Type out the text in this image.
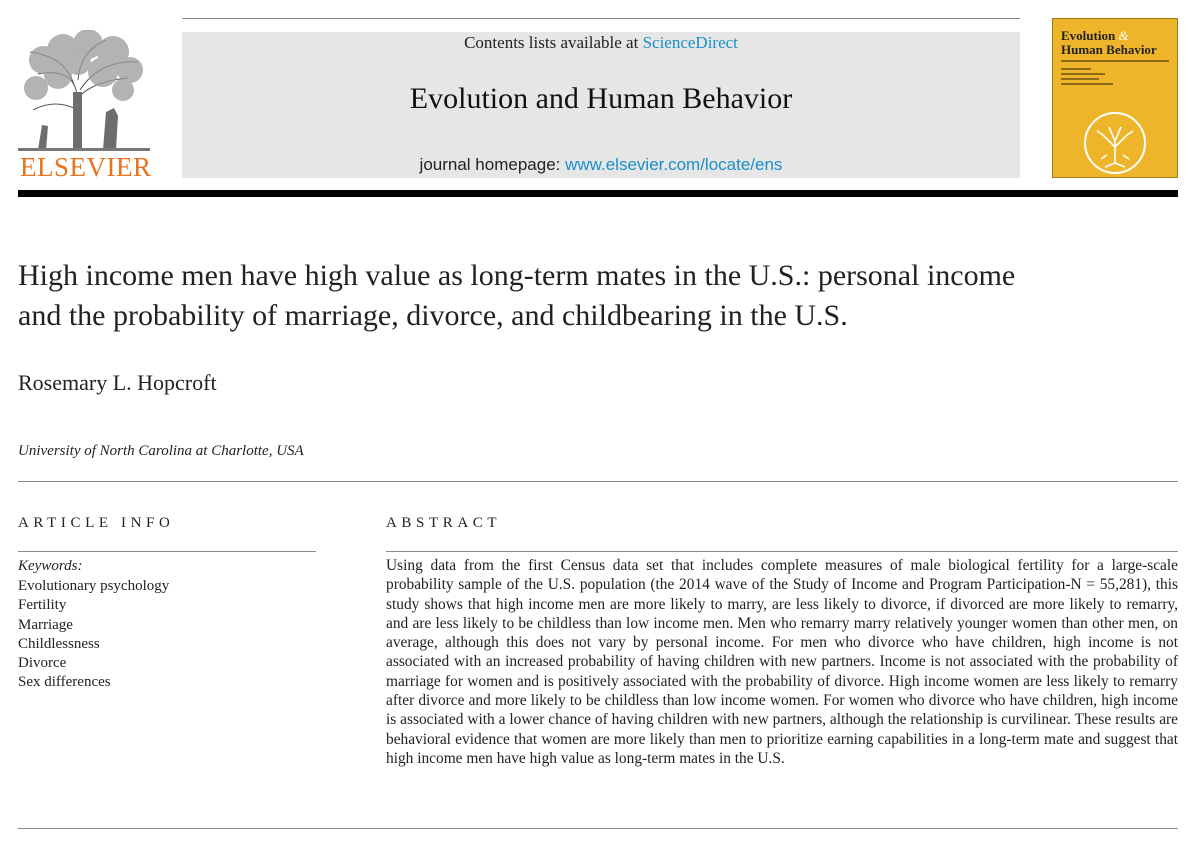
ELSEVIER
Contents lists available at ScienceDirect
Evolution and Human Behavior
journal homepage: www.elsevier.com/locate/ens
Evolution &
Human Behavior
High income men have high value as long-term mates in the U.S.: personal income and the probability of marriage, divorce, and childbearing in the U.S.
Rosemary L. Hopcroft
University of North Carolina at Charlotte, USA
ARTICLE INFO
Keywords:
Evolutionary psychology
Fertility
Marriage
Childlessness
Divorce
Sex differences
ABSTRACT
Using data from the first Census data set that includes complete measures of male biological fertility for a large-scale probability sample of the U.S. population (the 2014 wave of the Study of Income and Program Participation-N = 55,281), this study shows that high income men are more likely to marry, are less likely to divorce, if divorced are more likely to remarry, and are less likely to be childless than low income men. Men who remarry marry relatively younger women than other men, on average, although this does not vary by personal income. For men who divorce who have children, high income is not associated with an increased probability of having children with new partners. Income is not associated with the probability of marriage for women and is positively associated with the probability of divorce. High income women are less likely to remarry after divorce and more likely to be childless than low income women. For women who divorce who have children, high income is associated with a lower chance of having children with new partners, although the relationship is curvilinear. These results are behavioral evidence that women are more likely than men to prioritize earning capabilities in a long-term mate and suggest that high income men have high value as long-term mates in the U.S.
